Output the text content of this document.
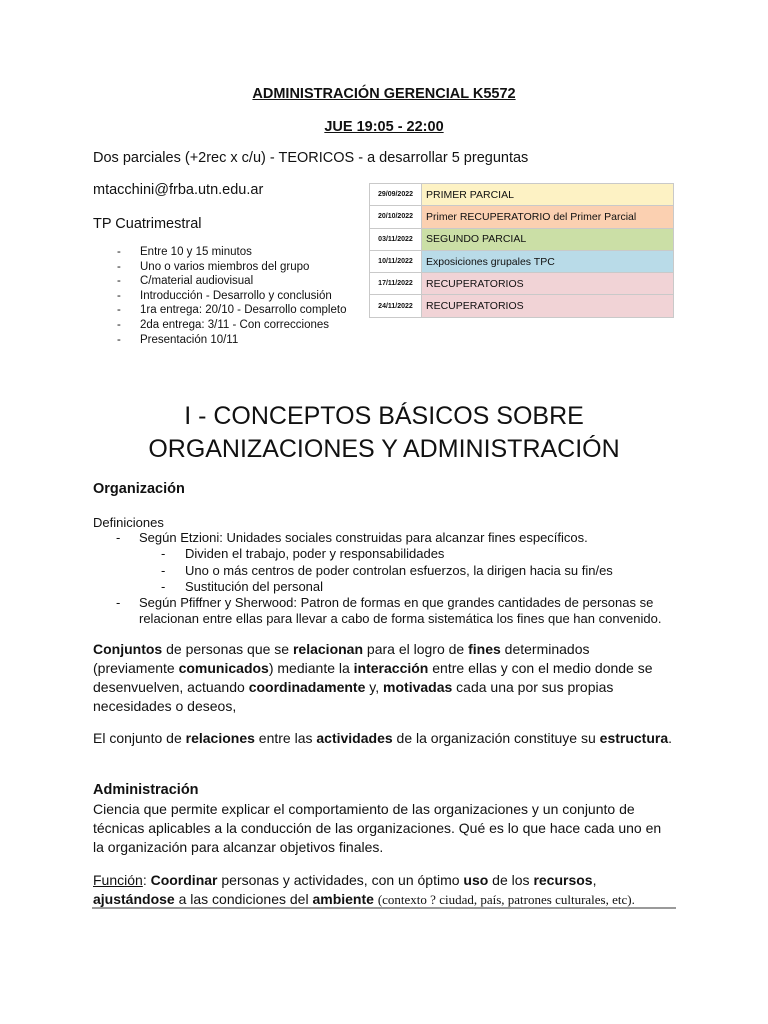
ADMINISTRACIÓN GERENCIAL K5572
JUE 19:05 - 22:00
Dos parciales (+2rec x c/u) - TEORICOS - a desarrollar 5 preguntas
mtacchini@frba.utn.edu.ar
TP Cuatrimestral
- Entre 10 y 15 minutos
- Uno o varios miembros del grupo
- C/material audiovisual
- Introducción - Desarrollo y conclusión
- 1ra entrega: 20/10 - Desarrollo completo
- 2da entrega: 3/11 - Con correcciones
- Presentación 10/11
29/09/2022	PRIMER PARCIAL
20/10/2022	Primer RECUPERATORIO del Primer Parcial
03/11/2022	SEGUNDO PARCIAL
10/11/2022	Exposiciones grupales TPC
17/11/2022	RECUPERATORIOS
24/11/2022	RECUPERATORIOS
I - CONCEPTOS BÁSICOS SOBRE
ORGANIZACIONES Y ADMINISTRACIÓN
Organización
Definiciones
- Según Etzioni: Unidades sociales construidas para alcanzar fines específicos.
- Dividen el trabajo, poder y responsabilidades
- Uno o más centros de poder controlan esfuerzos, la dirigen hacia su fin/es
- Sustitución del personal
- Según Pfiffner y Sherwood: Patron de formas en que grandes cantidades de personas se
relacionan entre ellas para llevar a cabo de forma sistemática los fines que han convenido.
Conjuntos de personas que se relacionan para el logro de fines determinados (previamente comunicados) mediante la interacción entre ellas y con el medio donde se desenvuelven, actuando coordinadamente y, motivadas cada una por sus propias necesidades o deseos,
El conjunto de relaciones entre las actividades de la organización constituye su estructura.
Administración
Ciencia que permite explicar el comportamiento de las organizaciones y un conjunto de técnicas aplicables a la conducción de las organizaciones. Qué es lo que hace cada uno en la organización para alcanzar objetivos finales.
Función: Coordinar personas y actividades, con un óptimo uso de los recursos,
ajustándose a las condiciones del ambiente (contexto ? ciudad, país, patrones culturales, etc).
